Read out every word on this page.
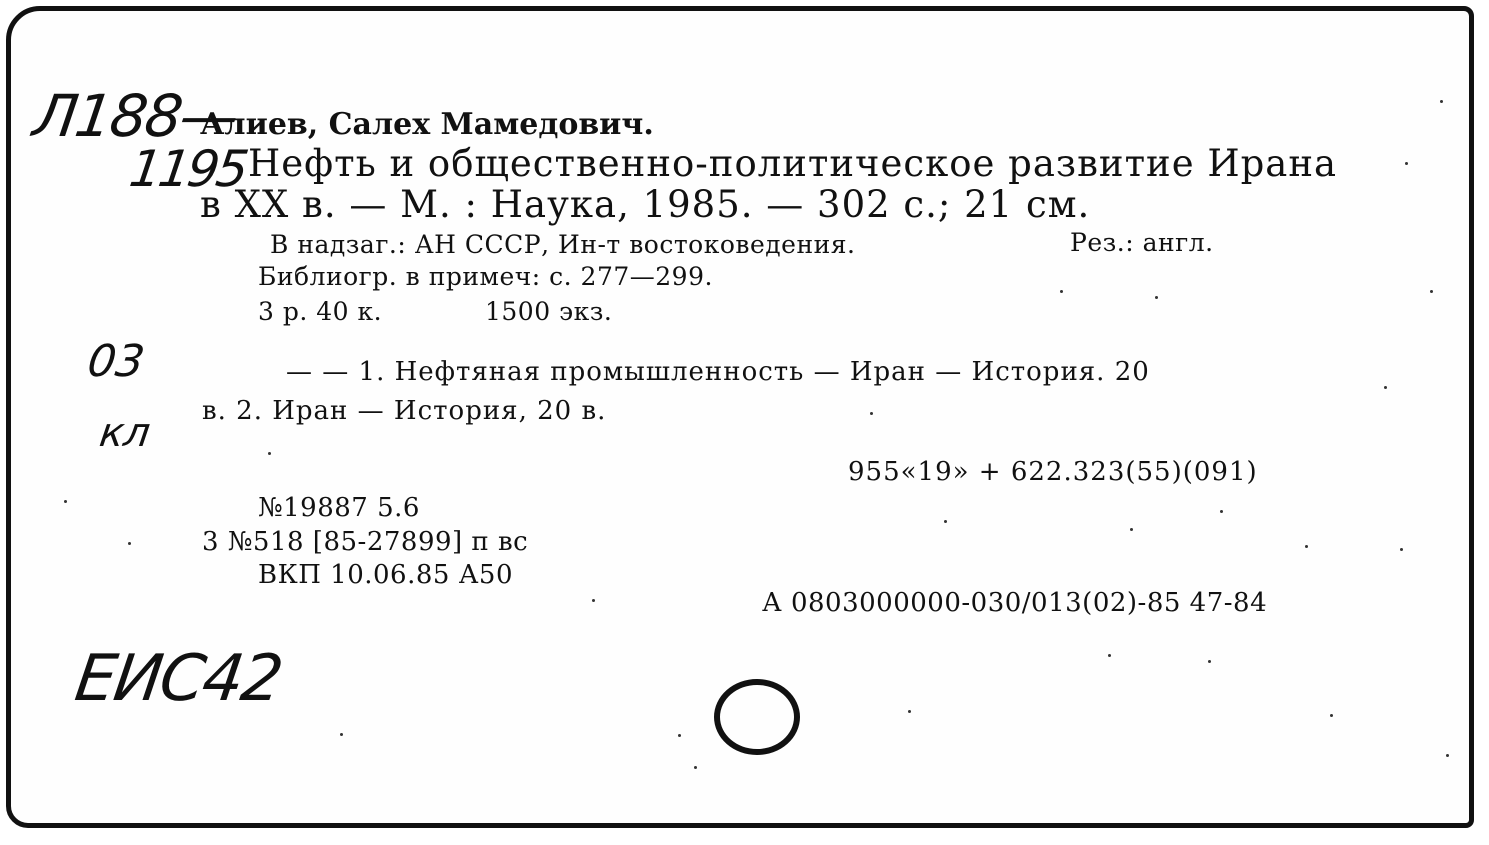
Л188—
1195
Алиев, Салех Мамедович.
Нефть и общественно-политическое развитие Ирана
в XX в. — М. : Наука, 1985. — 302 с.; 21 см.
В надзаг.: АН СССР, Ин-т востоковедения.	Рез.: англ.
Библиогр. в примеч: с. 277—299.
3 р. 40 к.	1500 экз.
03
кл
— — 1. Нефтяная промышленность — Иран — История. 20
в. 2. Иран — История, 20 в.
955«19» + 622.323(55)(091)
№19887 5.6
3 №518 [85-27899] п вс
ВКП 10.06.85 А50
А 0803000000-030/013(02)-85 47-84
ЕИС42
